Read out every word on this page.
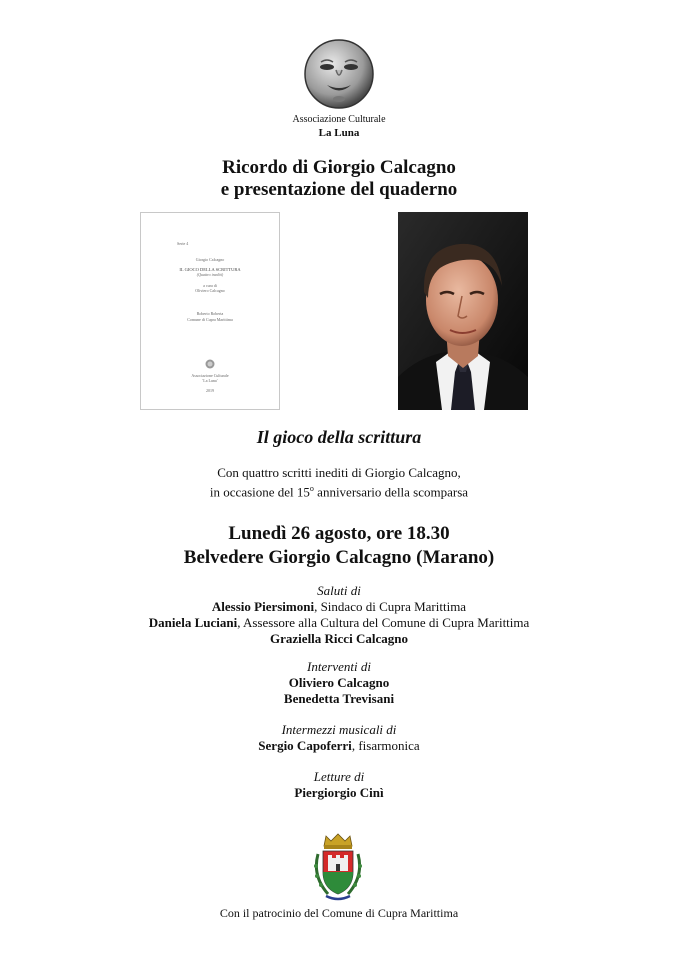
Associazione Culturale
La Luna
Ricordo di Giorgio Calcagno
e presentazione del quaderno
Serie 4
Giorgio Calcagno
IL GIOCO DELLA SCRITTURA
(Quattro inediti)
a cura di
Oliviero Calcagno
Roberto Roberta
Comune di Cupra Marittima
Associazione Culturale
'La Luna'
2019
Il gioco della scrittura
Con quattro scritti inediti di Giorgio Calcagno,
in occasione del 15$^o$ anniversario della scomparsa
Lunedì 26 agosto, ore 18.30
Belvedere Giorgio Calcagno (Marano)
Saluti di
Alessio Piersimoni, Sindaco di Cupra Marittima
Daniela Luciani, Assessore alla Cultura del Comune di Cupra Marittima
Graziella Ricci Calcagno
Interventi di
Oliviero Calcagno
Benedetta Trevisani
Intermezzi musicali di
Sergio Capoferri, fisarmonica
Letture di
Piergiorgio Cinì
Con il patrocinio del Comune di Cupra Marittima
